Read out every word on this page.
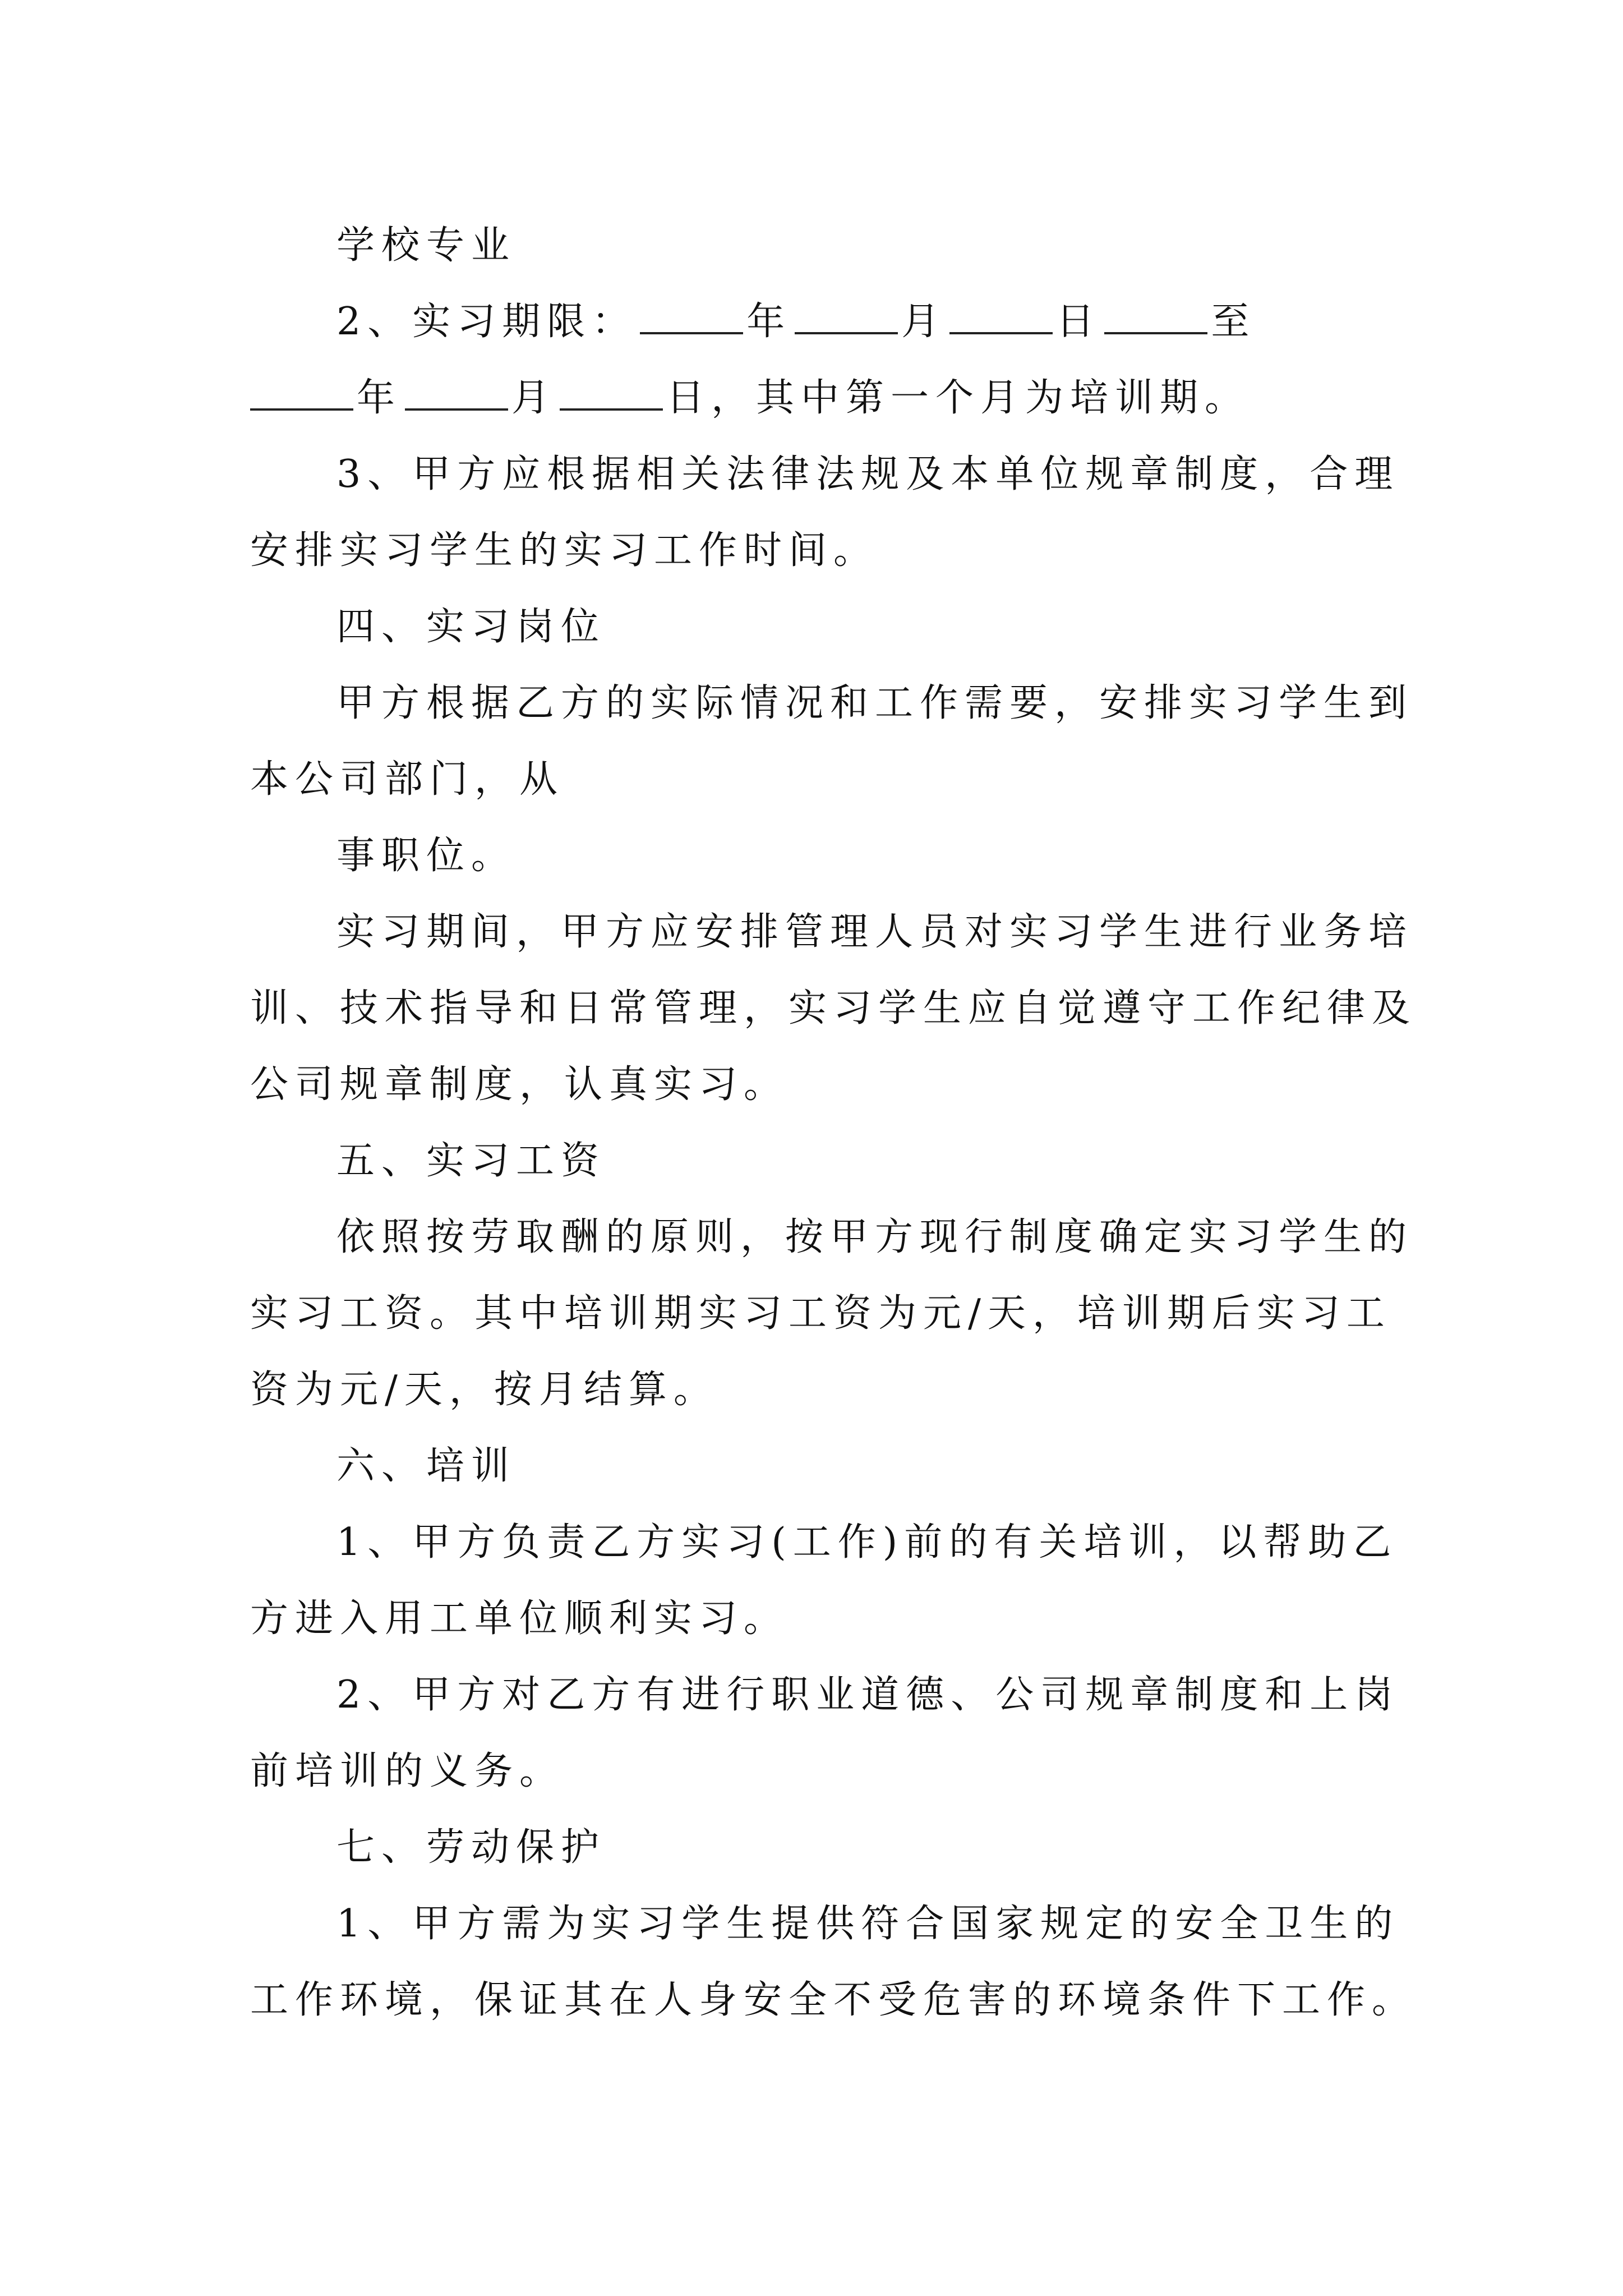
学校专业

2、实习期限：	年	月	日	至

年	月	日，其中第一个月为培训期。

3、甲方应根据相关法律法规及本单位规章制度，合理

安排实习学生的实习工作时间。

四、实习岗位

甲方根据乙方的实际情况和工作需要，安排实习学生到

本公司部门，从

事职位。

实习期间，甲方应安排管理人员对实习学生进行业务培

训、技术指导和日常管理，实习学生应自觉遵守工作纪律及

公司规章制度，认真实习。

五、实习工资

依照按劳取酬的原则，按甲方现行制度确定实习学生的

实习工资。其中培训期实习工资为元/天，培训期后实习工

资为元/天，按月结算。

六、培训

1、甲方负责乙方实习(工作)前的有关培训，以帮助乙

方进入用工单位顺利实习。

2、甲方对乙方有进行职业道德、公司规章制度和上岗

前培训的义务。

七、劳动保护

1、甲方需为实习学生提供符合国家规定的安全卫生的

工作环境，保证其在人身安全不受危害的环境条件下工作。
